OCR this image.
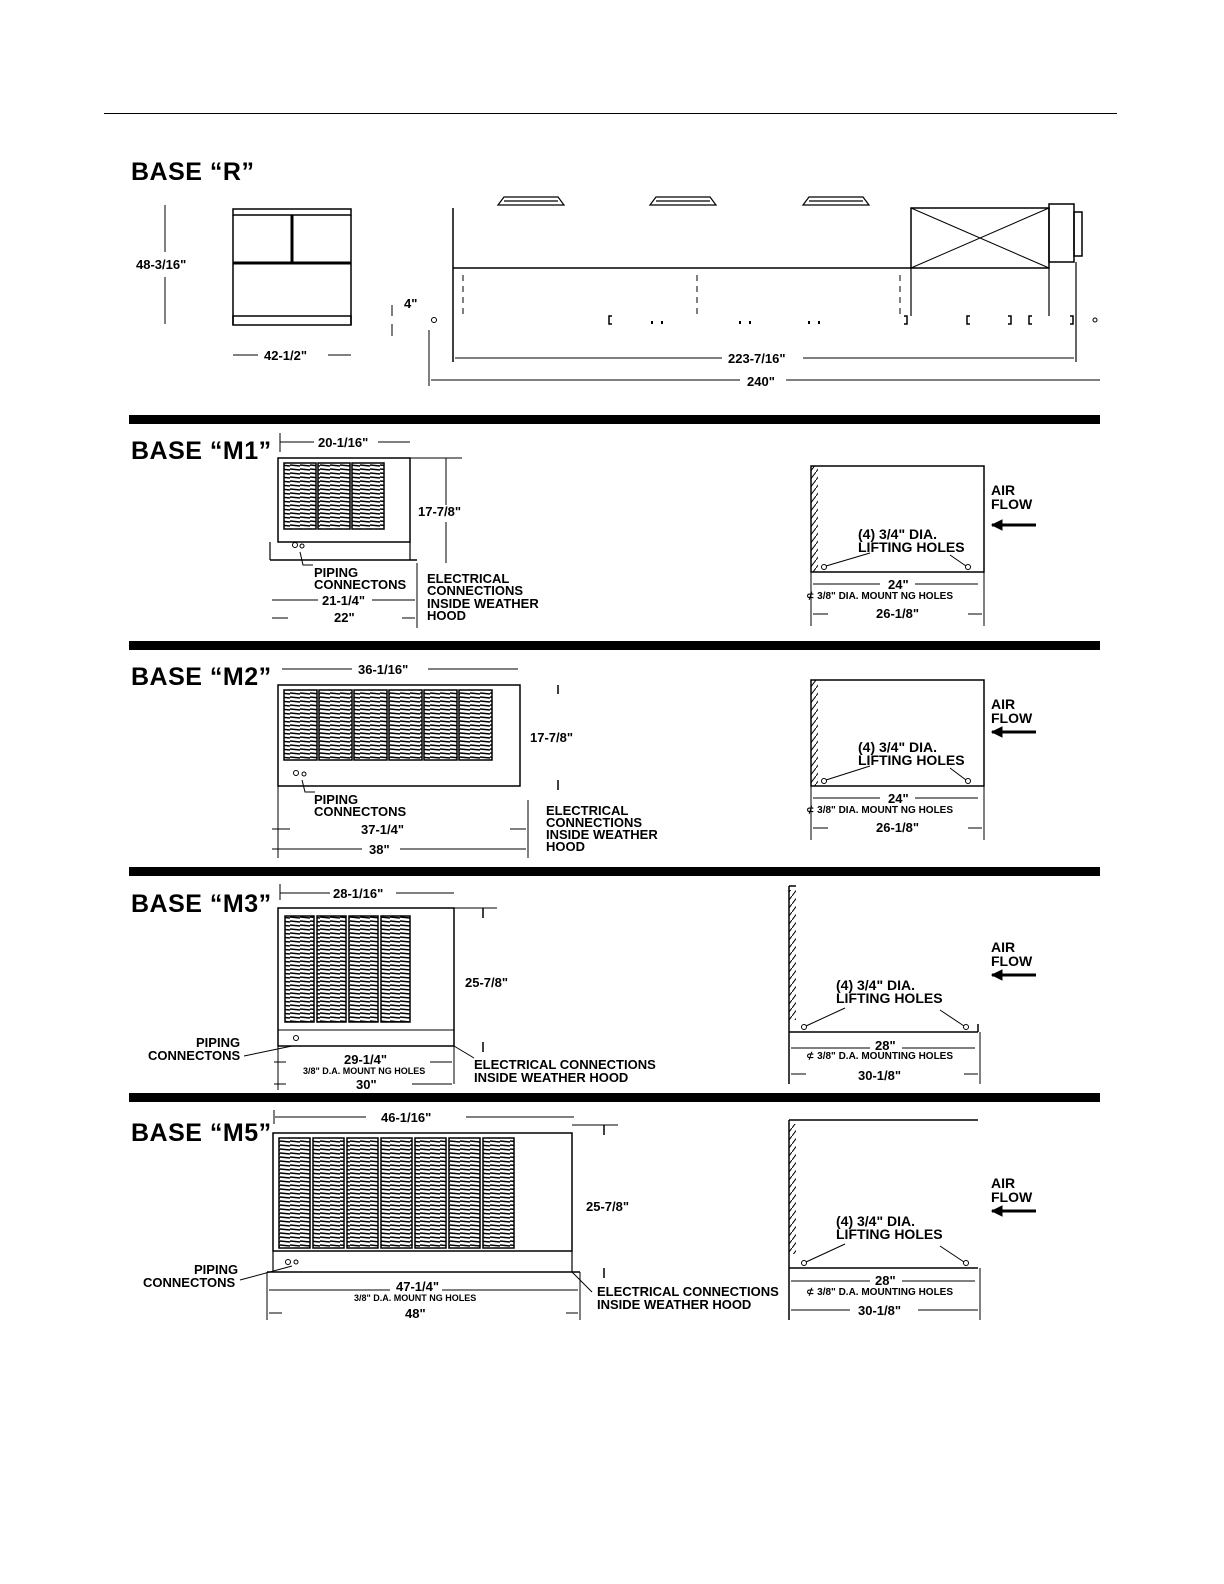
BASE “R”
48-3/16"
42-1/2"
4"
223-7/16"
240"
BASE “M1”	20-1/16"
17-7/8"
PIPING
CONNECTONS
21-1/4"
22"
ELECTRICAL
CONNECTIONS
INSIDE WEATHER
HOOD
AIR
FLOW
(4) 3/4" DIA.
LIFTING HOLES
24"
⊄ 3/8" DIA. MOUNT NG HOLES
26-1/8"
BASE “M2”	36-1/16"
17-7/8"
PIPING
CONNECTONS
37-1/4"
38"
ELECTRICAL
CONNECTIONS
INSIDE WEATHER
HOOD
AIR
FLOW
(4) 3/4" DIA.
LIFTING HOLES
24"
⊄ 3/8" DIA. MOUNT NG HOLES
26-1/8"
BASE “M3”	28-1/16"
25-7/8"
PIPING
CONNECTONS	29-1/4"
3/8" D.A. MOUNT NG HOLES
30"
ELECTRICAL CONNECTIONS
INSIDE WEATHER HOOD
AIR
FLOW
(4) 3/4" DIA.
LIFTING HOLES
28"
⊄ 3/8" D.A. MOUNTING HOLES
30-1/8"
BASE “M5”
46-1/16"
25-7/8"
PIPING
CONNECTONS	47-1/4"
3/8" D.A. MOUNT NG HOLES
48"
ELECTRICAL CONNECTIONS
INSIDE WEATHER HOOD
AIR
FLOW
(4) 3/4" DIA.
LIFTING HOLES
28"
⊄ 3/8" D.A. MOUNTING HOLES
30-1/8"
